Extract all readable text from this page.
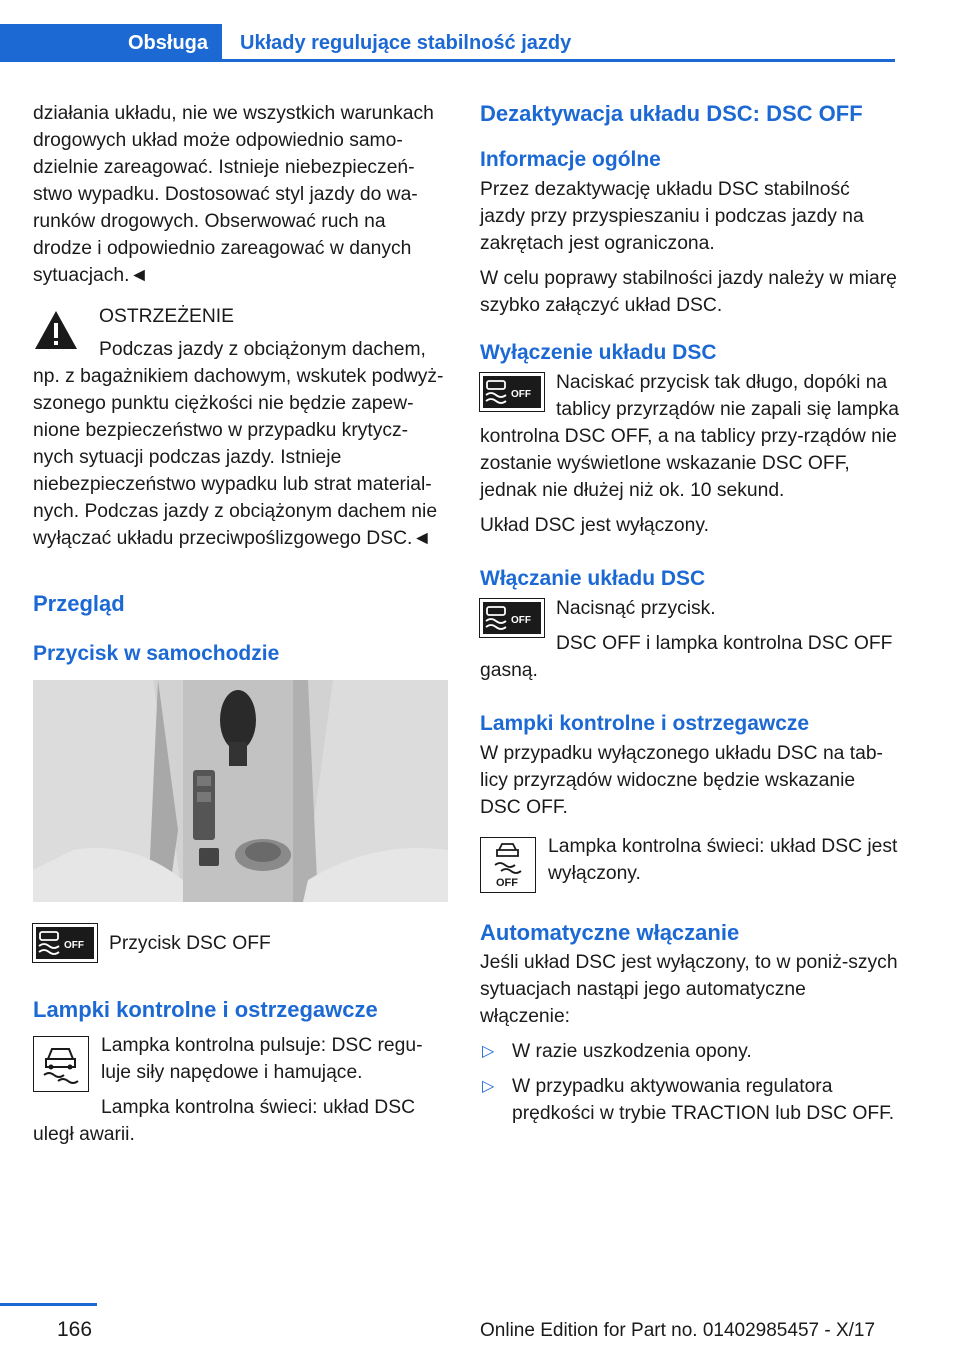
Obsługa	Układy regulujące stabilność jazdy

działania układu, nie we wszystkich warunkach drogowych układ może odpowiednio samo-dzielnie zareagować. Istnieje niebezpieczeń-stwo wypadku. Dostosować styl jazdy do wa-runków drogowych. Obserwować ruch na drodze i odpowiednio zareagować w danych sytuacjach.◄

OSTRZEŻENIE

Podczas jazdy z obciążonym dachem, np. z bagażnikiem dachowym, wskutek podwyż-szonego punktu ciężkości nie będzie zapew-nione bezpieczeństwo w przypadku krytycz-nych sytuacji podczas jazdy. Istnieje niebezpieczeństwo wypadku lub strat material-nych. Podczas jazdy z obciążonym dachem nie wyłączać układu przeciwpoślizgowego DSC.◄

Przegląd
Przycisk w samochodzie
OFF	Przycisk DSC OFF

Lampki kontrolne i ostrzegawcze

Lampka kontrolna pulsuje: DSC regu-luje siły napędowe i hamujące.

Lampka kontrolna świeci: układ DSC uległ awarii.

Dezaktywacja układu DSC: DSC OFF
Informacje ogólne

Przez dezaktywację układu DSC stabilność jazdy przy przyspieszaniu i podczas jazdy na zakrętach jest ograniczona.

W celu poprawy stabilności jazdy należy w miarę szybko załączyć układ DSC.

Wyłączenie układu DSC
OFF

Naciskać przycisk tak długo, dopóki na tablicy przyrządów nie zapali się lampka kontrolna DSC OFF, a na tablicy przy-rządów nie zostanie wyświetlone wskazanie DSC OFF, jednak nie dłużej niż ok. 10 sekund.

Układ DSC jest wyłączony.

Włączanie układu DSC
OFF

Nacisnąć przycisk.

DSC OFF i lampka kontrolna DSC OFF gasną.

Lampki kontrolne i ostrzegawcze

W przypadku wyłączonego układu DSC na tab-licy przyrządów widoczne będzie wskazanie DSC OFF.

OFF

Lampka kontrolna świeci: układ DSC jest wyłączony.

Automatyczne włączanie

Jeśli układ DSC jest wyłączony, to w poniż-szych sytuacjach nastąpi jego automatyczne włączenie:

▷ W razie uszkodzenia opony.
▷ W przypadku aktywowania regulatora prędkości w trybie TRACTION lub DSC OFF.
166	Online Edition for Part no. 01402985457 - X/17
